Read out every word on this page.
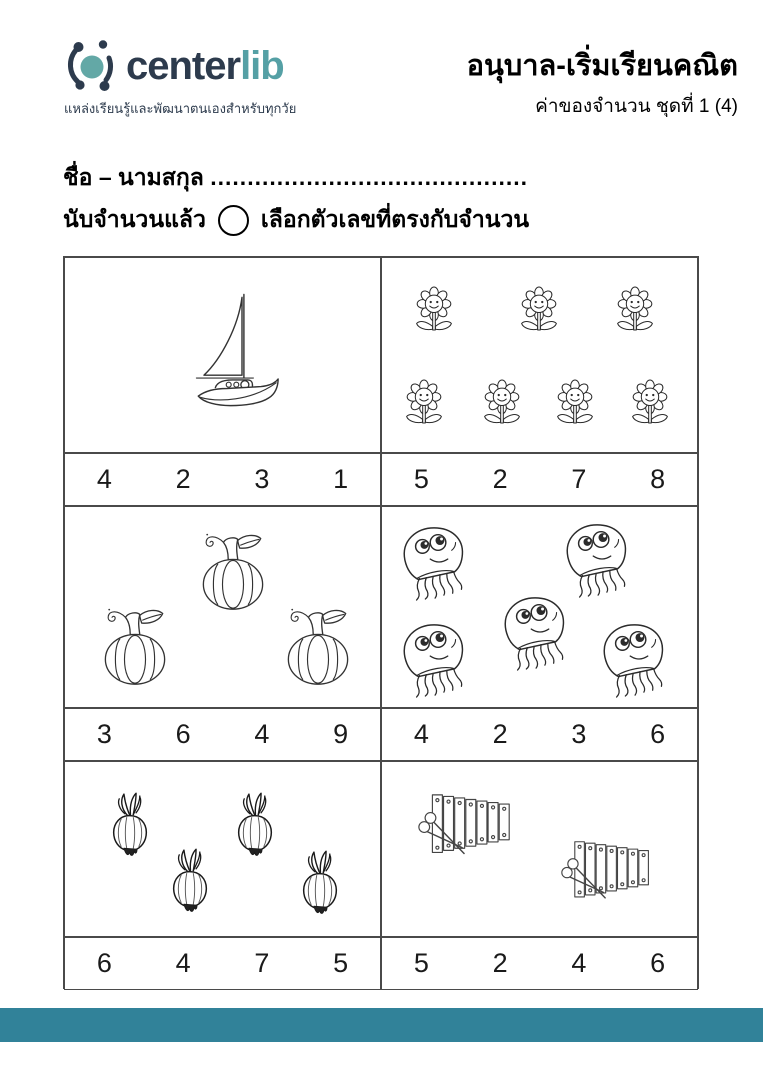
centerlib
แหล่งเรียนรู้และพัฒนาตนเองสำหรับทุกวัย
อนุบาล-เริ่มเรียนคณิต
ค่าของจำนวน ชุดที่ 1 (4)
ชื่อ – นามสกุล ...........................................
นับจำนวนแล้ว เลือกตัวเลขที่ตรงกับจำนวน
4	2	3	1	5	2	7	8
3	6	4	9	4	2	3	6
6	4	7	5	5	2	4	6
